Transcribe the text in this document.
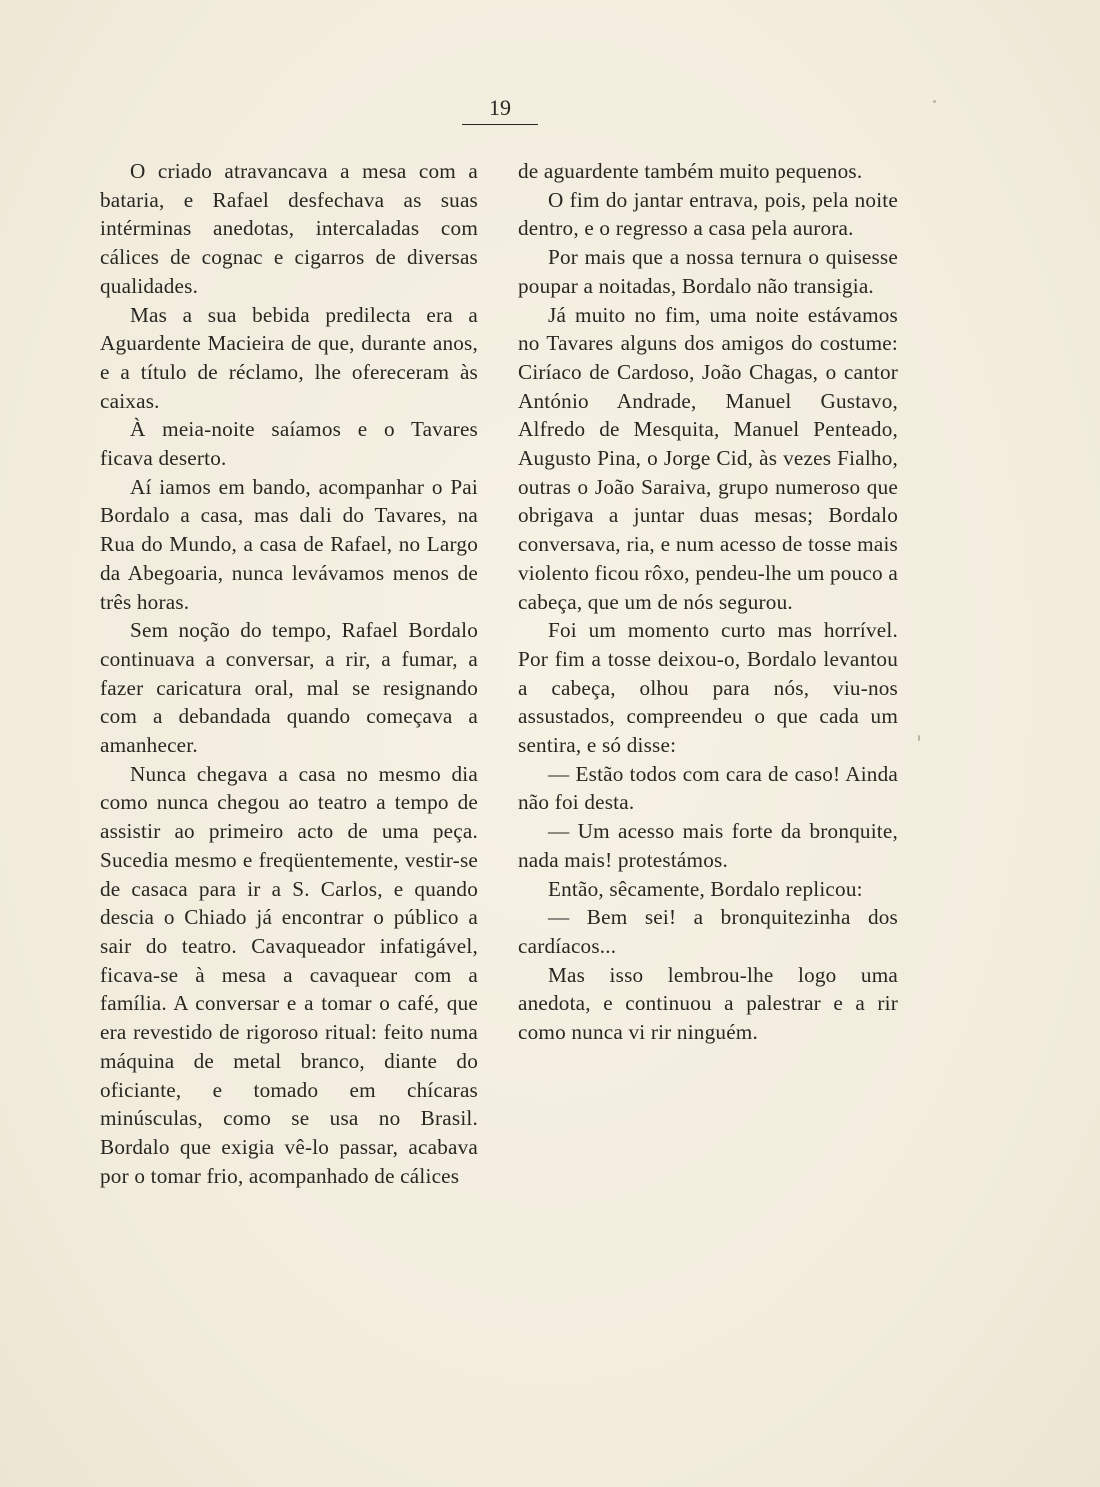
19

O criado atravancava a mesa com a bataria, e Rafael desfechava as suas intérminas anedotas, intercaladas com cálices de cognac e cigarros de diversas qualidades.

Mas a sua bebida predilecta era a Aguardente Macieira de que, durante anos, e a título de réclamo, lhe ofereceram às caixas.

À meia-noite saíamos e o Tavares ficava deserto.

Aí iamos em bando, acompanhar o Pai Bordalo a casa, mas dali do Tavares, na Rua do Mundo, a casa de Rafael, no Largo da Abegoaria, nunca levávamos menos de três horas.

Sem noção do tempo, Rafael Bordalo continuava a conversar, a rir, a fumar, a fazer caricatura oral, mal se resignando com a debandada quando começava a amanhecer.

Nunca chegava a casa no mesmo dia como nunca chegou ao teatro a tempo de assistir ao primeiro acto de uma peça. Sucedia mesmo e freqüentemente, vestir-se de casaca para ir a S. Carlos, e quando descia o Chiado já encontrar o público a sair do teatro. Cavaqueador infatigável, ficava-se à mesa a cavaquear com a família. A conversar e a tomar o café, que era revestido de rigoroso ritual: feito numa máquina de metal branco, diante do oficiante, e tomado em chícaras minúsculas, como se usa no Brasil. Bordalo que exigia vê-lo passar, acabava por o tomar frio, acompanhado de cálices

de aguardente também muito pequenos.

O fim do jantar entrava, pois, pela noite dentro, e o regresso a casa pela aurora.

Por mais que a nossa ternura o quisesse poupar a noitadas, Bordalo não transigia.

Já muito no fim, uma noite estávamos no Tavares alguns dos amigos do costume: Ciríaco de Cardoso, João Chagas, o cantor António Andrade, Manuel Gustavo, Alfredo de Mesquita, Manuel Penteado, Augusto Pina, o Jorge Cid, às vezes Fialho, outras o João Saraiva, grupo numeroso que obrigava a juntar duas mesas; Bordalo conversava, ria, e num acesso de tosse mais violento ficou rôxo, pendeu-lhe um pouco a cabeça, que um de nós segurou.

Foi um momento curto mas horrível. Por fim a tosse deixou-o, Bordalo levantou a cabeça, olhou para nós, viu-nos assustados, compreendeu o que cada um sentira, e só disse:

— Estão todos com cara de caso! Ainda não foi desta.

— Um acesso mais forte da bronquite, nada mais! protestámos.

Então, sêcamente, Bordalo replicou:

— Bem sei! a bronquitezinha dos cardíacos...

Mas isso lembrou-lhe logo uma anedota, e continuou a palestrar e a rir como nunca vi rir ninguém.
